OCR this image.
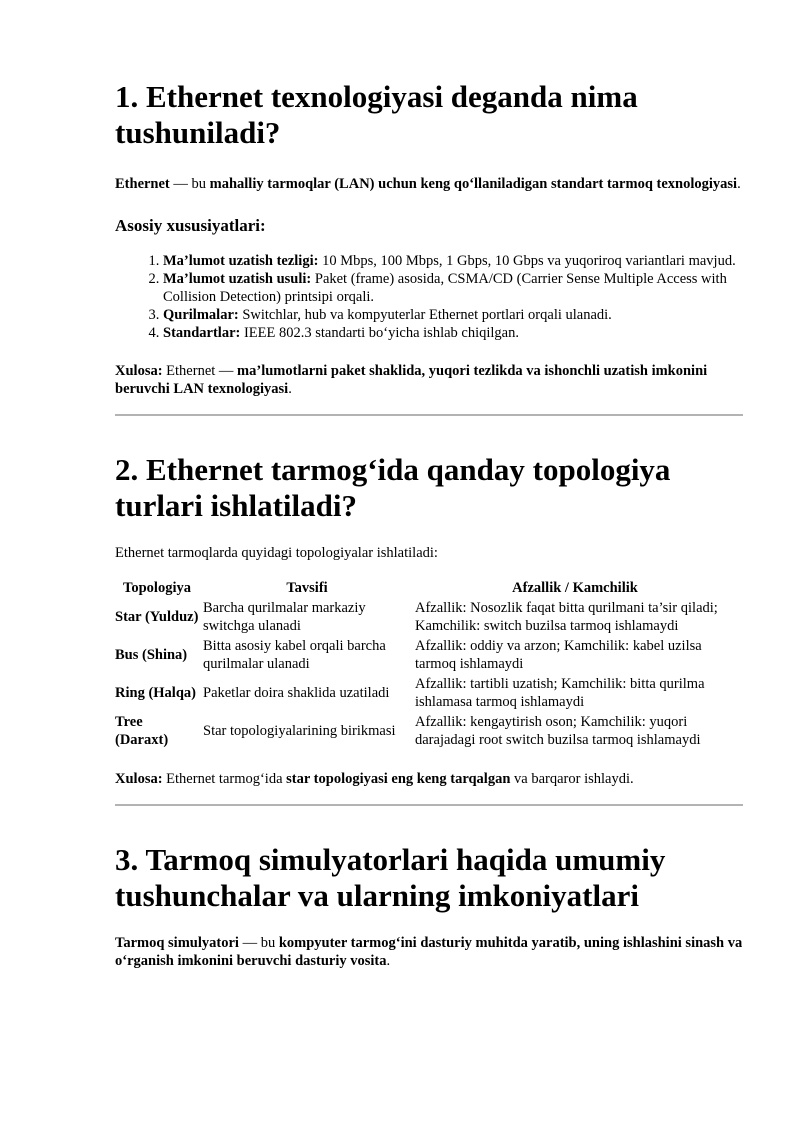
1. Ethernet texnologiyasi deganda nima tushuniladi?

Ethernet — bu mahalliy tarmoqlar (LAN) uchun keng qo‘llaniladigan standart tarmoq texnologiyasi.

Asosiy xususiyatlari:
1. Ma’lumot uzatish tezligi: 10 Mbps, 100 Mbps, 1 Gbps, 10 Gbps va yuqoriroq variantlari mavjud.
2. Ma’lumot uzatish usuli: Paket (frame) asosida, CSMA/CD (Carrier Sense Multiple Access with Collision Detection) printsipi orqali.
3. Qurilmalar: Switchlar, hub va kompyuterlar Ethernet portlari orqali ulanadi.
4. Standartlar: IEEE 802.3 standarti bo‘yicha ishlab chiqilgan.

Xulosa: Ethernet — ma’lumotlarni paket shaklida, yuqori tezlikda va ishonchli uzatish imkonini beruvchi LAN texnologiyasi.

2. Ethernet tarmog‘ida qanday topologiya turlari ishlatiladi?

Ethernet tarmoqlarda quyidagi topologiyalar ishlatiladi:

Topologiya	Tavsifi	Afzallik / Kamchilik
Star (Yulduz)	Barcha qurilmalar markaziy switchga ulanadi	Afzallik: Nosozlik faqat bitta qurilmani ta’sir qiladi; Kamchilik: switch buzilsa tarmoq ishlamaydi
Bus (Shina)	Bitta asosiy kabel orqali barcha qurilmalar ulanadi	Afzallik: oddiy va arzon; Kamchilik: kabel uzilsa tarmoq ishlamaydi
Ring (Halqa)	Paketlar doira shaklida uzatiladi	Afzallik: tartibli uzatish; Kamchilik: bitta qurilma ishlamasa tarmoq ishlamaydi
Tree (Daraxt)	Star topologiyalarining birikmasi	Afzallik: kengaytirish oson; Kamchilik: yuqori darajadagi root switch buzilsa tarmoq ishlamaydi

Xulosa: Ethernet tarmog‘ida star topologiyasi eng keng tarqalgan va barqaror ishlaydi.

3. Tarmoq simulyatorlari haqida umumiy tushunchalar va ularning imkoniyatlari

Tarmoq simulyatori — bu kompyuter tarmog‘ini dasturiy muhitda yaratib, uning ishlashini sinash va o‘rganish imkonini beruvchi dasturiy vosita.
